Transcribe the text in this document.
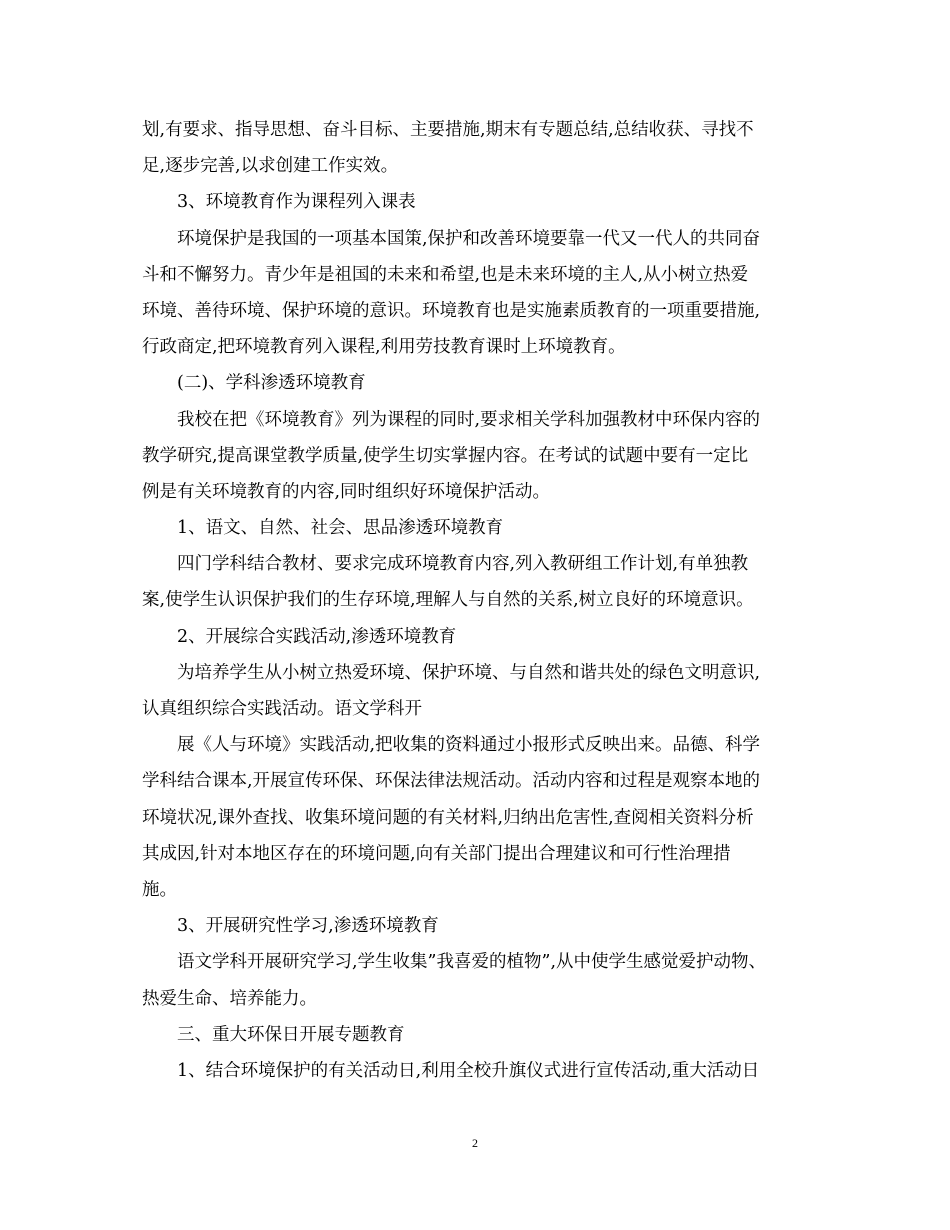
划,有要求、指导思想、奋斗目标、主要措施,期末有专题总结,总结收获、寻找不
足,逐步完善,以求创建工作实效。
3、环境教育作为课程列入课表
环境保护是我国的一项基本国策,保护和改善环境要靠一代又一代人的共同奋
斗和不懈努力。青少年是祖国的未来和希望,也是未来环境的主人,从小树立热爱
环境、善待环境、保护环境的意识。环境教育也是实施素质教育的一项重要措施,
行政商定,把环境教育列入课程,利用劳技教育课时上环境教育。
(二)、学科渗透环境教育
我校在把《环境教育》列为课程的同时,要求相关学科加强教材中环保内容的
教学研究,提高课堂教学质量,使学生切实掌握内容。在考试的试题中要有一定比
例是有关环境教育的内容,同时组织好环境保护活动。
1、语文、自然、社会、思品渗透环境教育
四门学科结合教材、要求完成环境教育内容,列入教研组工作计划,有单独教
案,使学生认识保护我们的生存环境,理解人与自然的关系,树立良好的环境意识。
2、开展综合实践活动,渗透环境教育
为培养学生从小树立热爱环境、保护环境、与自然和谐共处的绿色文明意识,
认真组织综合实践活动。语文学科开
展《人与环境》实践活动,把收集的资料通过小报形式反映出来。品德、科学
学科结合课本,开展宣传环保、环保法律法规活动。活动内容和过程是观察本地的
环境状况,课外查找、收集环境问题的有关材料,归纳出危害性,查阅相关资料分析
其成因,针对本地区存在的环境问题,向有关部门提出合理建议和可行性治理措
施。
3、开展研究性学习,渗透环境教育
语文学科开展研究学习,学生收集”我喜爱的植物”,从中使学生感觉爱护动物、
热爱生命、培养能力。
三、重大环保日开展专题教育
1、结合环境保护的有关活动日,利用全校升旗仪式进行宣传活动,重大活动日
2
